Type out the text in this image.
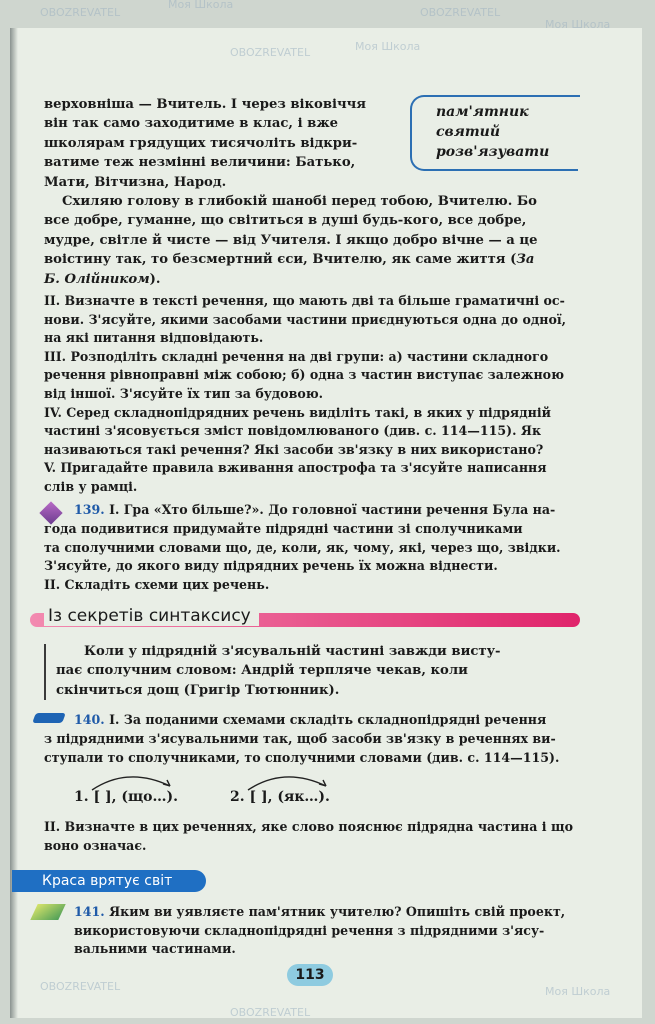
OBOZREVATEL
Моя Школа
OBOZREVATEL
Моя Школа
OBOZREVATEL	Моя Школа
OBOZREVATEL
OBOZREVATEL
Моя Школа
пам'ятник
святий
розв'язувати
верховніша — Вчитель. І через віковіччя
він так само заходитиме в клас, і вже
школярам грядущих тисячоліть відкри-
ватиме теж незмінні величини: Батько,
Мати, Вітчизна, Народ.
Схиляю голову в глибокій шанобі перед тобою, Вчителю. Бо
все добре, гуманне, що світиться в душі будь-кого, все добре,
мудре, світле й чисте — від Учителя. І якщо добро вічне — а це
воістину так, то безсмертний єси, Вчителю, як саме життя (За
Б. Олійником).
II. Визначте в тексті речення, що мають дві та більше граматичні ос-
нови. З'ясуйте, якими засобами частини приєднуються одна до одної,
на які питання відповідають.
III. Розподіліть складні речення на дві групи: а) частини складного
речення рівноправні між собою; б) одна з частин виступає залежною
від іншої. З'ясуйте їх тип за будовою.
IV. Серед складнопідрядних речень виділіть такі, в яких у підрядній
частині з'ясовується зміст повідомлюваного (див. с. 114—115). Як
називаються такі речення? Які засоби зв'язку в них використано?
V. Пригадайте правила вживання апострофа та з'ясуйте написання
слів у рамці.
139. I. Гра «Хто більше?». До головної частини речення Була на-
года подивитися придумайте підрядні частини зі сполучниками
та сполучними словами що, де, коли, як, чому, які, через що, звідки.
З'ясуйте, до якого виду підрядних речень їх можна віднести.
II. Складіть схеми цих речень.
Із секретів синтаксису
Коли у підрядній з'ясувальній частині завжди висту-
пає сполучним словом: Андрій терпляче чекав, коли
скінчиться дощ (Григір Тютюнник).
140. I. За поданими схемами складіть складнопідрядні речення
з підрядними з'ясувальними так, щоб засоби зв'язку в реченнях ви-
ступали то сполучниками, то сполучними словами (див. с. 114—115).
1. [ ], (що…).	2. [ ], (як…).
II. Визначте в цих реченнях, яке слово пояснює підрядна частина і що
воно означає.
Краса врятує світ
141. Яким ви уявляєте пам'ятник учителю? Опишіть свій проект,
використовуючи складнопідрядні речення з підрядними з'ясу-
вальними частинами.
113
